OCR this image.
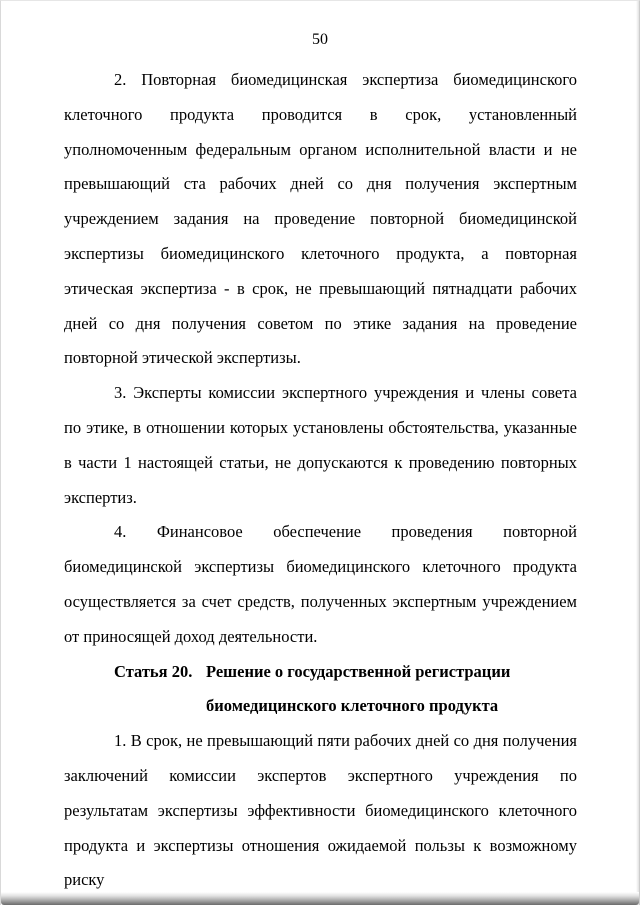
50

2. Повторная биомедицинская экспертиза биомедицинского клеточного продукта проводится в срок, установленный уполномоченным федеральным органом исполнительной власти и не превышающий ста рабочих дней со дня получения экспертным учреждением задания на проведение повторной биомедицинской экспертизы биомедицинского клеточного продукта, а повторная этическая экспертиза - в срок, не превышающий пятнадцати рабочих дней со дня получения советом по этике задания на проведение повторной этической экспертизы.

3. Эксперты комиссии экспертного учреждения и члены совета по этике, в отношении которых установлены обстоятельства, указанные в части 1 настоящей статьи, не допускаются к проведению повторных экспертиз.

4. Финансовое обеспечение проведения повторной биомедицинской экспертизы биомедицинского клеточного продукта осуществляется за счет средств, полученных экспертным учреждением от приносящей доход деятельности.

Статья 20. Решение о государственной регистрации биомедицинского клеточного продукта

1. В срок, не превышающий пяти рабочих дней со дня получения заключений комиссии экспертов экспертного учреждения по результатам экспертизы эффективности биомедицинского клеточного продукта и экспертизы отношения ожидаемой пользы к возможному риску
